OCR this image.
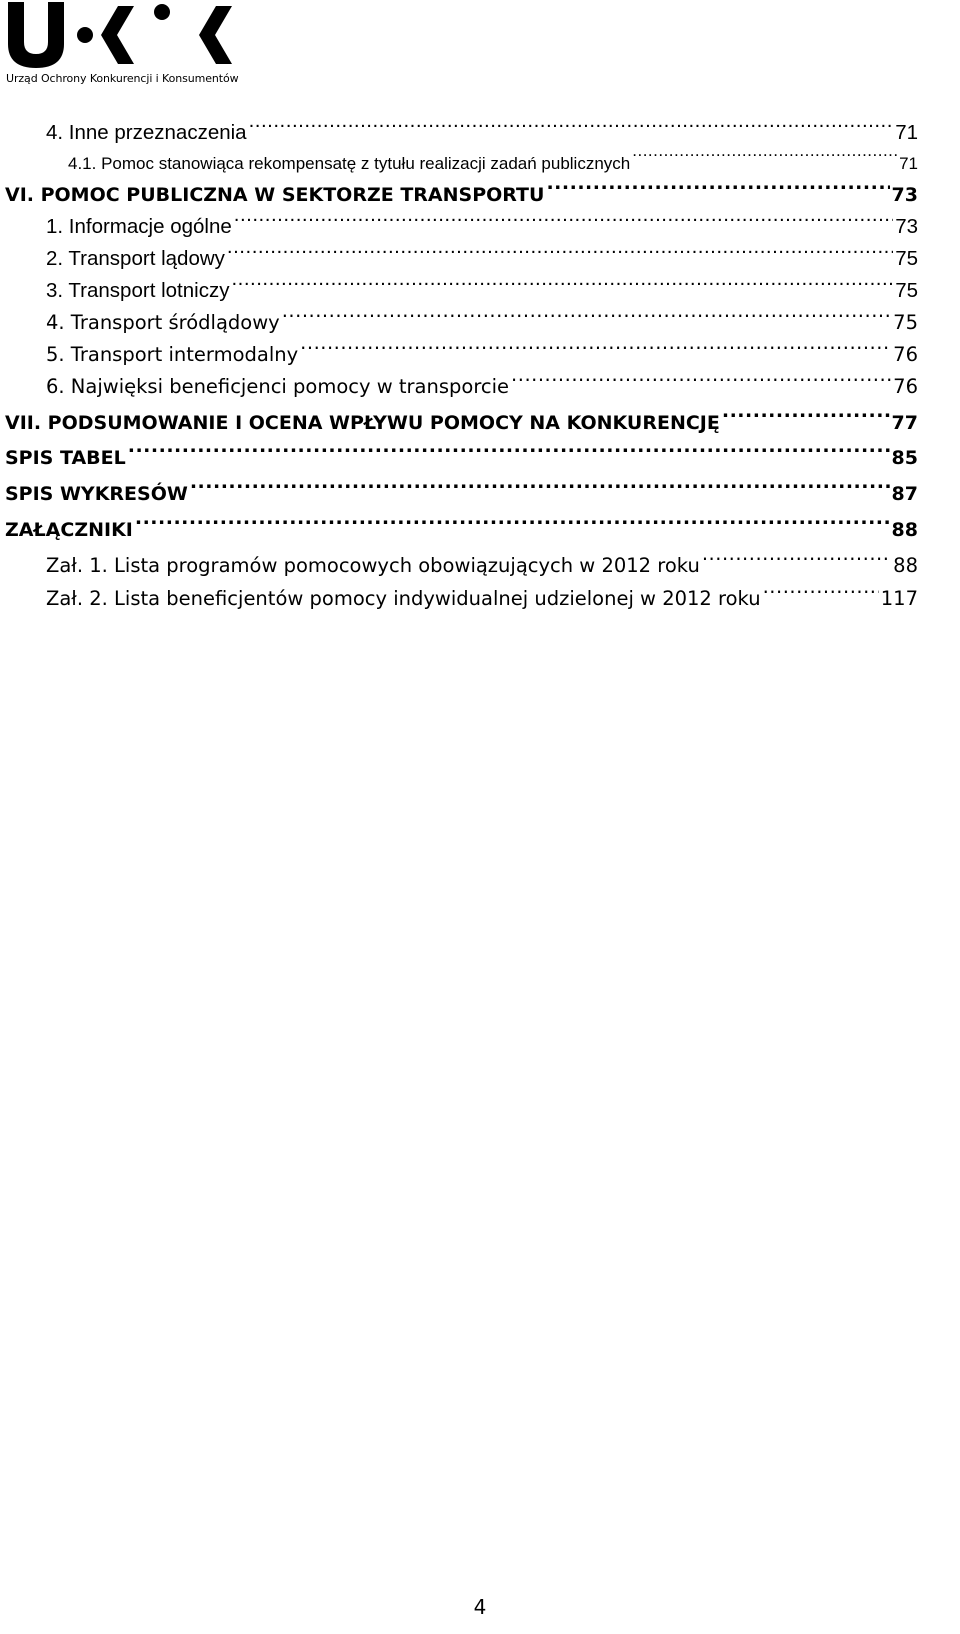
Urząd Ochrony Konkurencji i Konsumentów
4. Inne przeznaczenia .....	71
4.1. Pomoc stanowiąca rekompensatę z tytułu realizacji zadań publicznych .....	71
VI. POMOC PUBLICZNA W SEKTORZE TRANSPORTU .....	73
1. Informacje ogólne .....	73
2. Transport lądowy .....	75
3. Transport lotniczy .....	75
4. Transport śródlądowy .....	75
5. Transport intermodalny .....	76
6. Najwięksi beneficjenci pomocy w transporcie .....	76
VII. PODSUMOWANIE I OCENA WPŁYWU POMOCY NA KONKURENCJĘ .....	77
SPIS TABEL .....	85
SPIS WYKRESÓW .....	87
ZAŁĄCZNIKI .....	88
Zał. 1. Lista programów pomocowych obowiązujących w 2012 roku .....	88
Zał. 2. Lista beneficjentów pomocy indywidualnej udzielonej w 2012 roku .....	117
4
